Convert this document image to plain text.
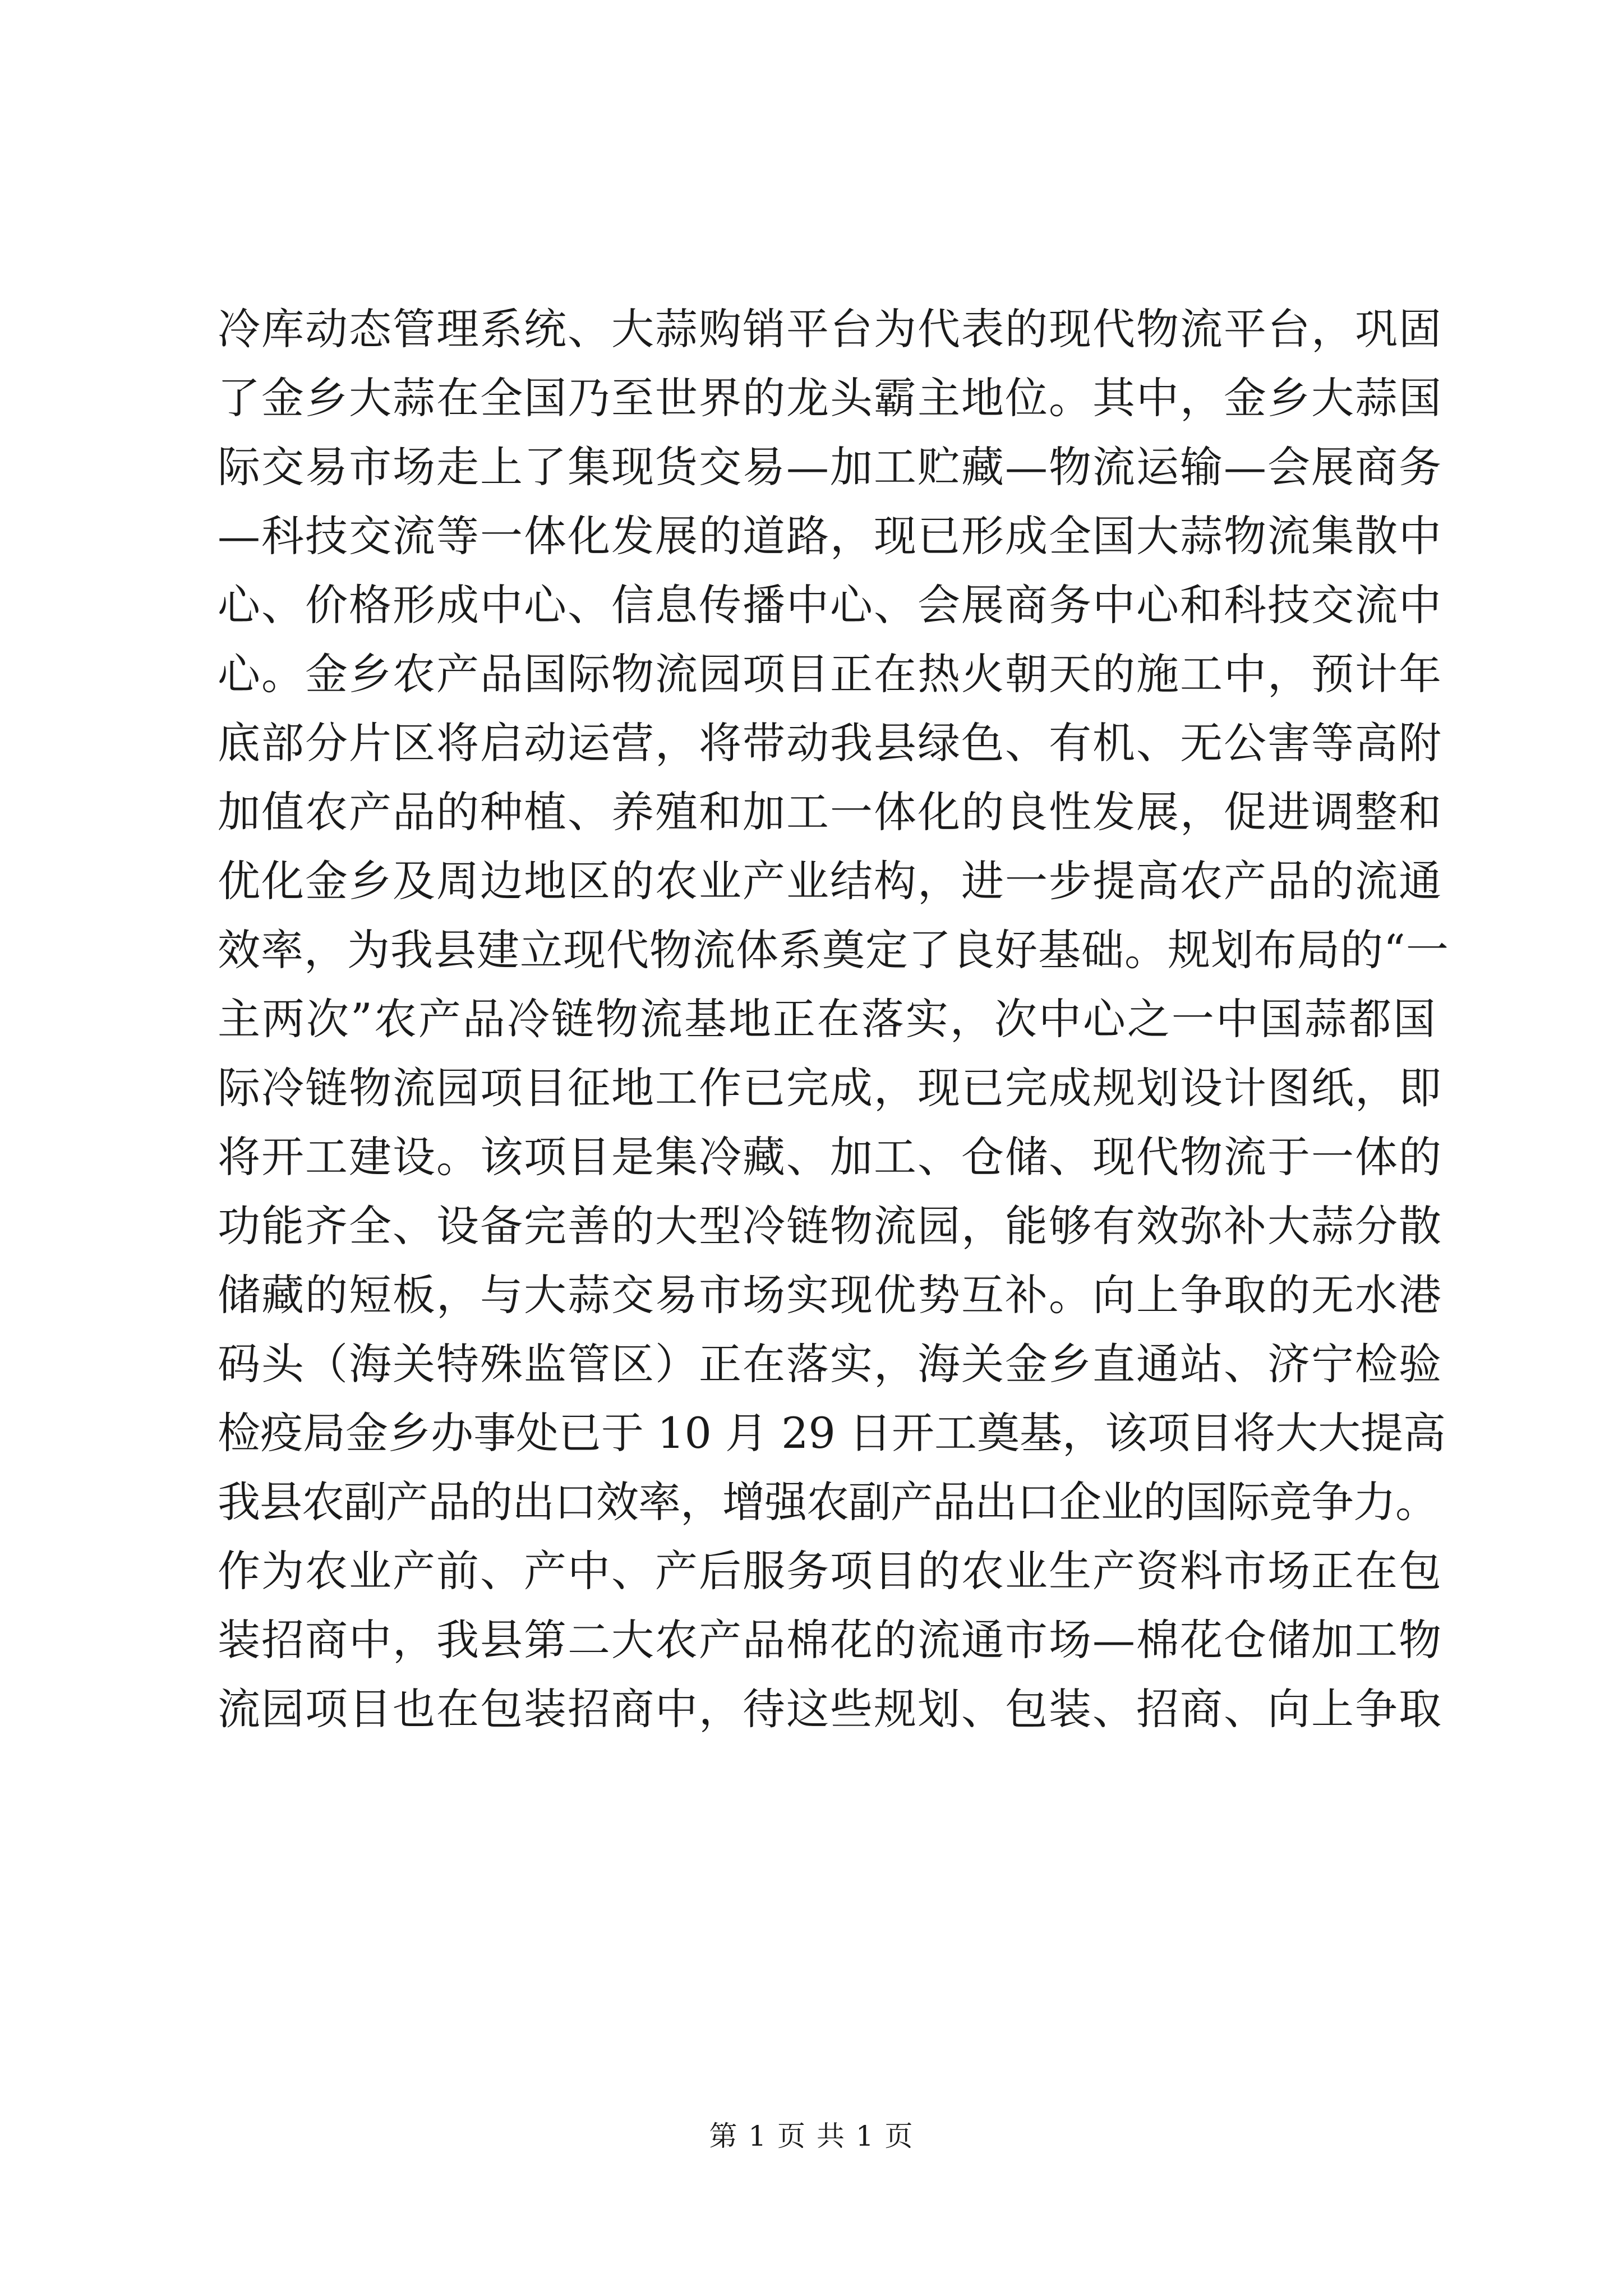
冷库动态管理系统、大蒜购销平台为代表的现代物流平台，巩固
了金乡大蒜在全国乃至世界的龙头霸主地位。其中，金乡大蒜国
际交易市场走上了集现货交易—加工贮藏—物流运输—会展商务
—科技交流等一体化发展的道路，现已形成全国大蒜物流集散中
心、价格形成中心、信息传播中心、会展商务中心和科技交流中
心。金乡农产品国际物流园项目正在热火朝天的施工中，预计年
底部分片区将启动运营，将带动我县绿色、有机、无公害等高附
加值农产品的种植、养殖和加工一体化的良性发展，促进调整和
优化金乡及周边地区的农业产业结构，进一步提高农产品的流通
效率，为我县建立现代物流体系奠定了良好基础。规划布局的“一
主两次”农产品冷链物流基地正在落实，次中心之一中国蒜都国
际冷链物流园项目征地工作已完成，现已完成规划设计图纸，即
将开工建设。该项目是集冷藏、加工、仓储、现代物流于一体的
功能齐全、设备完善的大型冷链物流园，能够有效弥补大蒜分散
储藏的短板，与大蒜交易市场实现优势互补。向上争取的无水港
码头（海关特殊监管区）正在落实，海关金乡直通站、济宁检验
检疫局金乡办事处已于 10 月 29 日开工奠基，该项目将大大提高
我县农副产品的出口效率，增强农副产品出口企业的国际竞争力。
作为农业产前、产中、产后服务项目的农业生产资料市场正在包
装招商中，我县第二大农产品棉花的流通市场—棉花仓储加工物
流园项目也在包装招商中，待这些规划、包装、招商、向上争取
第 1 页 共 1 页
